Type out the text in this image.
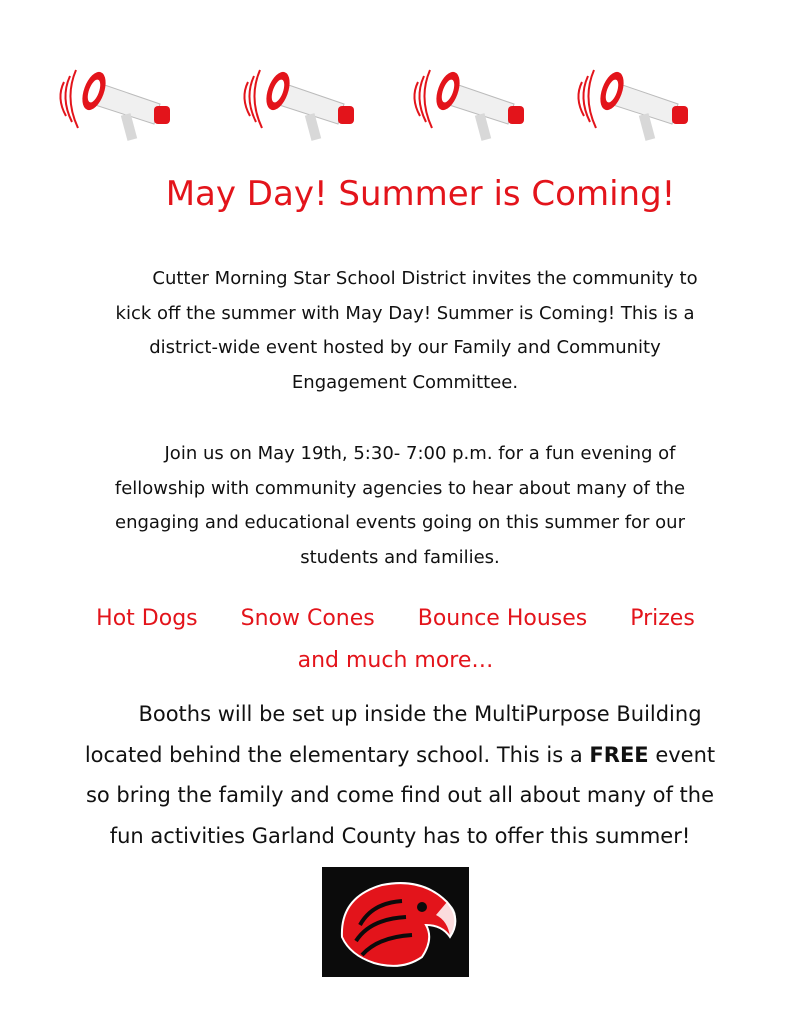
May Day! Summer is Coming!
Cutter Morning Star School District invites the community to
kick off the summer with May Day! Summer is Coming! This is a
district-wide event hosted by our Family and Community
Engagement Committee.
Join us on May 19th, 5:30- 7:00 p.m. for a fun evening of
fellowship with community agencies to hear about many of the
engaging and educational events going on this summer for our
students and families.
Hot Dogs Snow Cones Bounce Houses Prizes
and much more…
Booths will be set up inside the MultiPurpose Building
located behind the elementary school. This is a FREE event
so bring the family and come find out all about many of the
fun activities Garland County has to offer this summer!
